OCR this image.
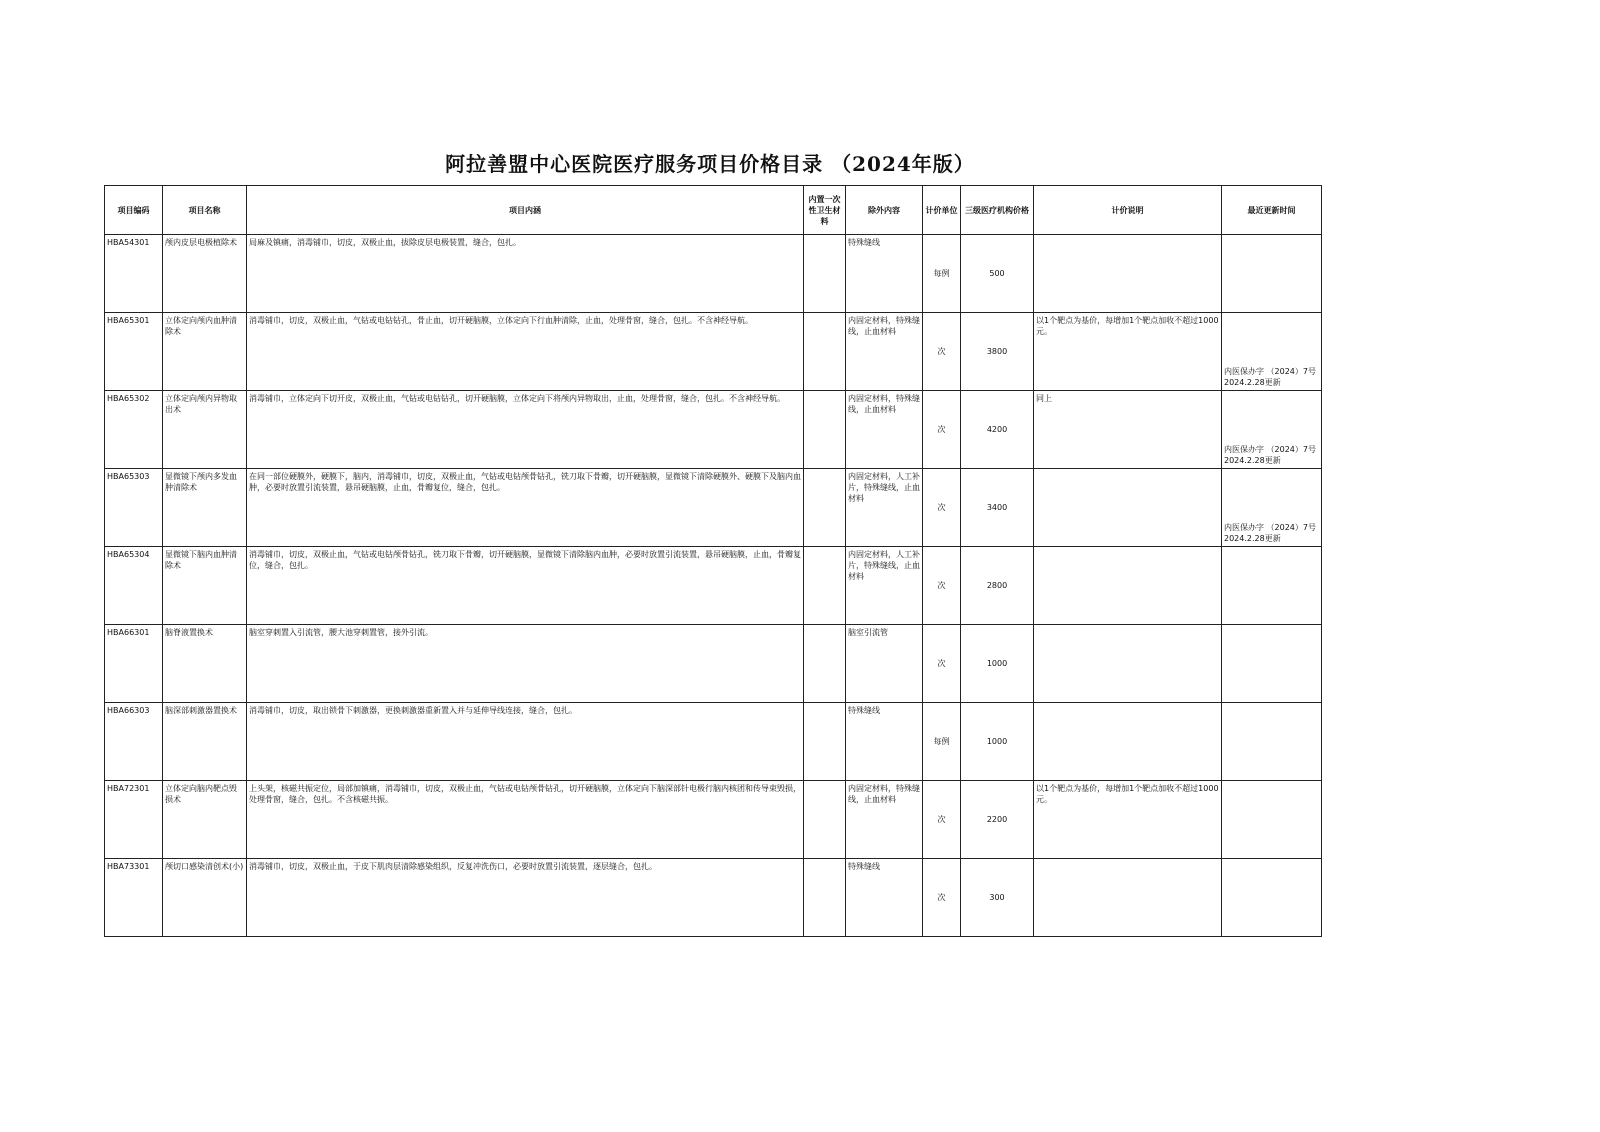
阿拉善盟中心医院医疗服务项目价格目录 （2024年版）
项目编码	项目名称	项目内涵	内置一次性卫生材料	除外内容	计价单位	三级医疗机构价格	计价说明	最近更新时间
HBA54301	颅内皮层电极植除术	局麻及镇痛，消毒铺巾，切皮，双极止血，拔除皮层电极装置，缝合，包扎。		特殊缝线	每例	500		
HBA65301	立体定向颅内血肿清除术	消毒铺巾，切皮，双极止血，气钻或电钻钻孔，骨止血，切开硬脑膜，立体定向下行血肿清除，止血，处理骨窗，缝合，包扎。不含神经导航。		内固定材料，特殊缝线，止血材料	次	3800	以1个靶点为基价，每增加1个靶点加收不超过1000元。	内医保办字 （2024）7号 2024.2.28更新
HBA65302	立体定向颅内异物取出术	消毒铺巾，立体定向下切开皮，双极止血，气钻或电钻钻孔，切开硬脑膜，立体定向下将颅内异物取出，止血，处理骨窗，缝合，包扎。不含神经导航。		内固定材料，特殊缝线，止血材料	次	4200	同上	内医保办字 （2024）7号 2024.2.28更新
HBA65303	显微镜下颅内多发血肿清除术	在同一部位硬膜外，硬膜下，脑内，消毒铺巾，切皮，双极止血，气钻或电钻颅骨钻孔，铣刀取下骨瓣，切开硬脑膜，显微镜下清除硬膜外、硬膜下及脑内血肿，必要时放置引流装置，悬吊硬脑膜，止血，骨瓣复位，缝合，包扎。		内固定材料，人工补片，特殊缝线，止血材料	次	3400		内医保办字 （2024）7号 2024.2.28更新
HBA65304	显微镜下脑内血肿清除术	消毒铺巾，切皮，双极止血，气钻或电钻颅骨钻孔，铣刀取下骨瓣，切开硬脑膜，显微镜下清除脑内血肿，必要时放置引流装置，悬吊硬脑膜，止血，骨瓣复位，缝合，包扎。		内固定材料，人工补片，特殊缝线，止血材料	次	2800		
HBA66301	脑脊液置换术	脑室穿刺置入引流管，腰大池穿刺置管，接外引流。		脑室引流管	次	1000		
HBA66303	脑深部刺激器置换术	消毒铺巾，切皮，取出锁骨下刺激器，更换刺激器重新置入并与延伸导线连接，缝合，包扎。		特殊缝线	每例	1000		
HBA72301	立体定向脑内靶点毁损术	上头架，核磁共振定位，局部加镇痛，消毒铺巾，切皮，双极止血，气钻或电钻颅骨钻孔，切开硬脑膜，立体定向下脑深部针电极行脑内核团和传导束毁损，处理骨窗，缝合，包扎。不含核磁共振。		内固定材料，特殊缝线，止血材料	次	2200	以1个靶点为基价，每增加1个靶点加收不超过1000元。	
HBA73301	颅切口感染清创术(小)	消毒铺巾，切皮，双极止血，于皮下肌肉层清除感染组织，反复冲洗伤口，必要时放置引流装置，逐层缝合，包扎。		特殊缝线	次	300		
